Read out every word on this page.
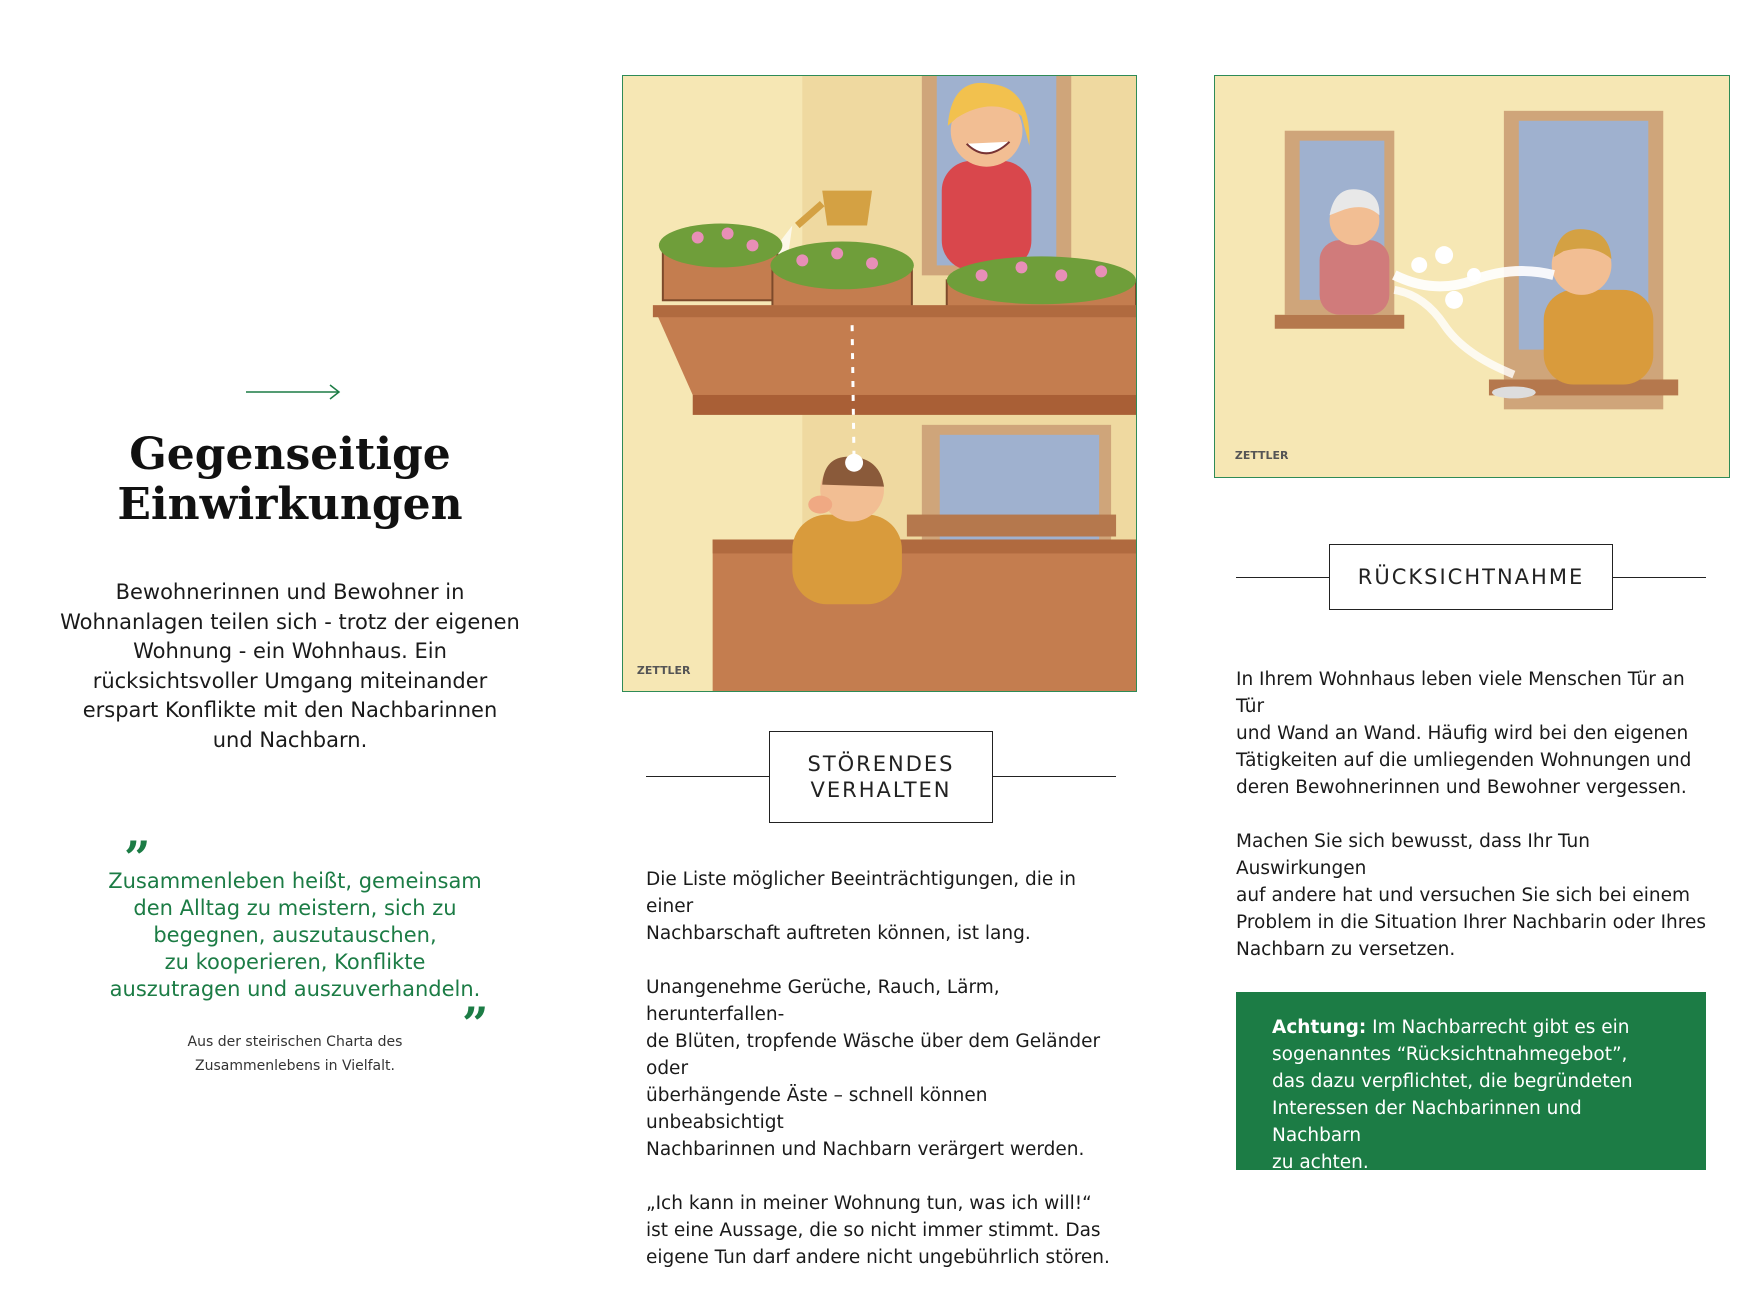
Gegenseitige
Einwirkungen

Bewohnerinnen und Bewohner in Wohnanlagen teilen sich - trotz der eigenen Wohnung - ein Wohnhaus. Ein rücksichtsvoller Umgang miteinander erspart Konflikte mit den Nachbarinnen und Nachbarn.

”

Zusammenleben heißt, gemeinsam
den Alltag zu meistern, sich zu
begegnen, auszutauschen,
zu kooperieren, Konflikte
auszutragen und auszuverhandeln.

”

Aus der steirischen Charta des
Zusammenlebens in Vielfalt.

ZETTLER
ZETTLER
STÖRENDES
VERHALTEN

Die Liste möglicher Beeinträchtigungen, die in einer
Nachbarschaft auftreten können, ist lang.

Unangenehme Gerüche, Rauch, Lärm, herunterfallen-
de Blüten, tropfende Wäsche über dem Geländer oder
überhängende Äste – schnell können unbeabsichtigt
Nachbarinnen und Nachbarn verärgert werden.

„Ich kann in meiner Wohnung tun, was ich will!“
ist eine Aussage, die so nicht immer stimmt. Das
eigene Tun darf andere nicht ungebührlich stören.

RÜCKSICHTNAHME

In Ihrem Wohnhaus leben viele Menschen Tür an Tür
und Wand an Wand. Häufig wird bei den eigenen
Tätigkeiten auf die umliegenden Wohnungen und
deren Bewohnerinnen und Bewohner vergessen.

Machen Sie sich bewusst, dass Ihr Tun Auswirkungen
auf andere hat und versuchen Sie sich bei einem
Problem in die Situation Ihrer Nachbarin oder Ihres
Nachbarn zu versetzen.

Achtung: Im Nachbarrecht gibt es ein
sogenanntes “Rücksichtnahmegebot”,
das dazu verpflichtet, die begründeten
Interessen der Nachbarinnen und Nachbarn
zu achten.
